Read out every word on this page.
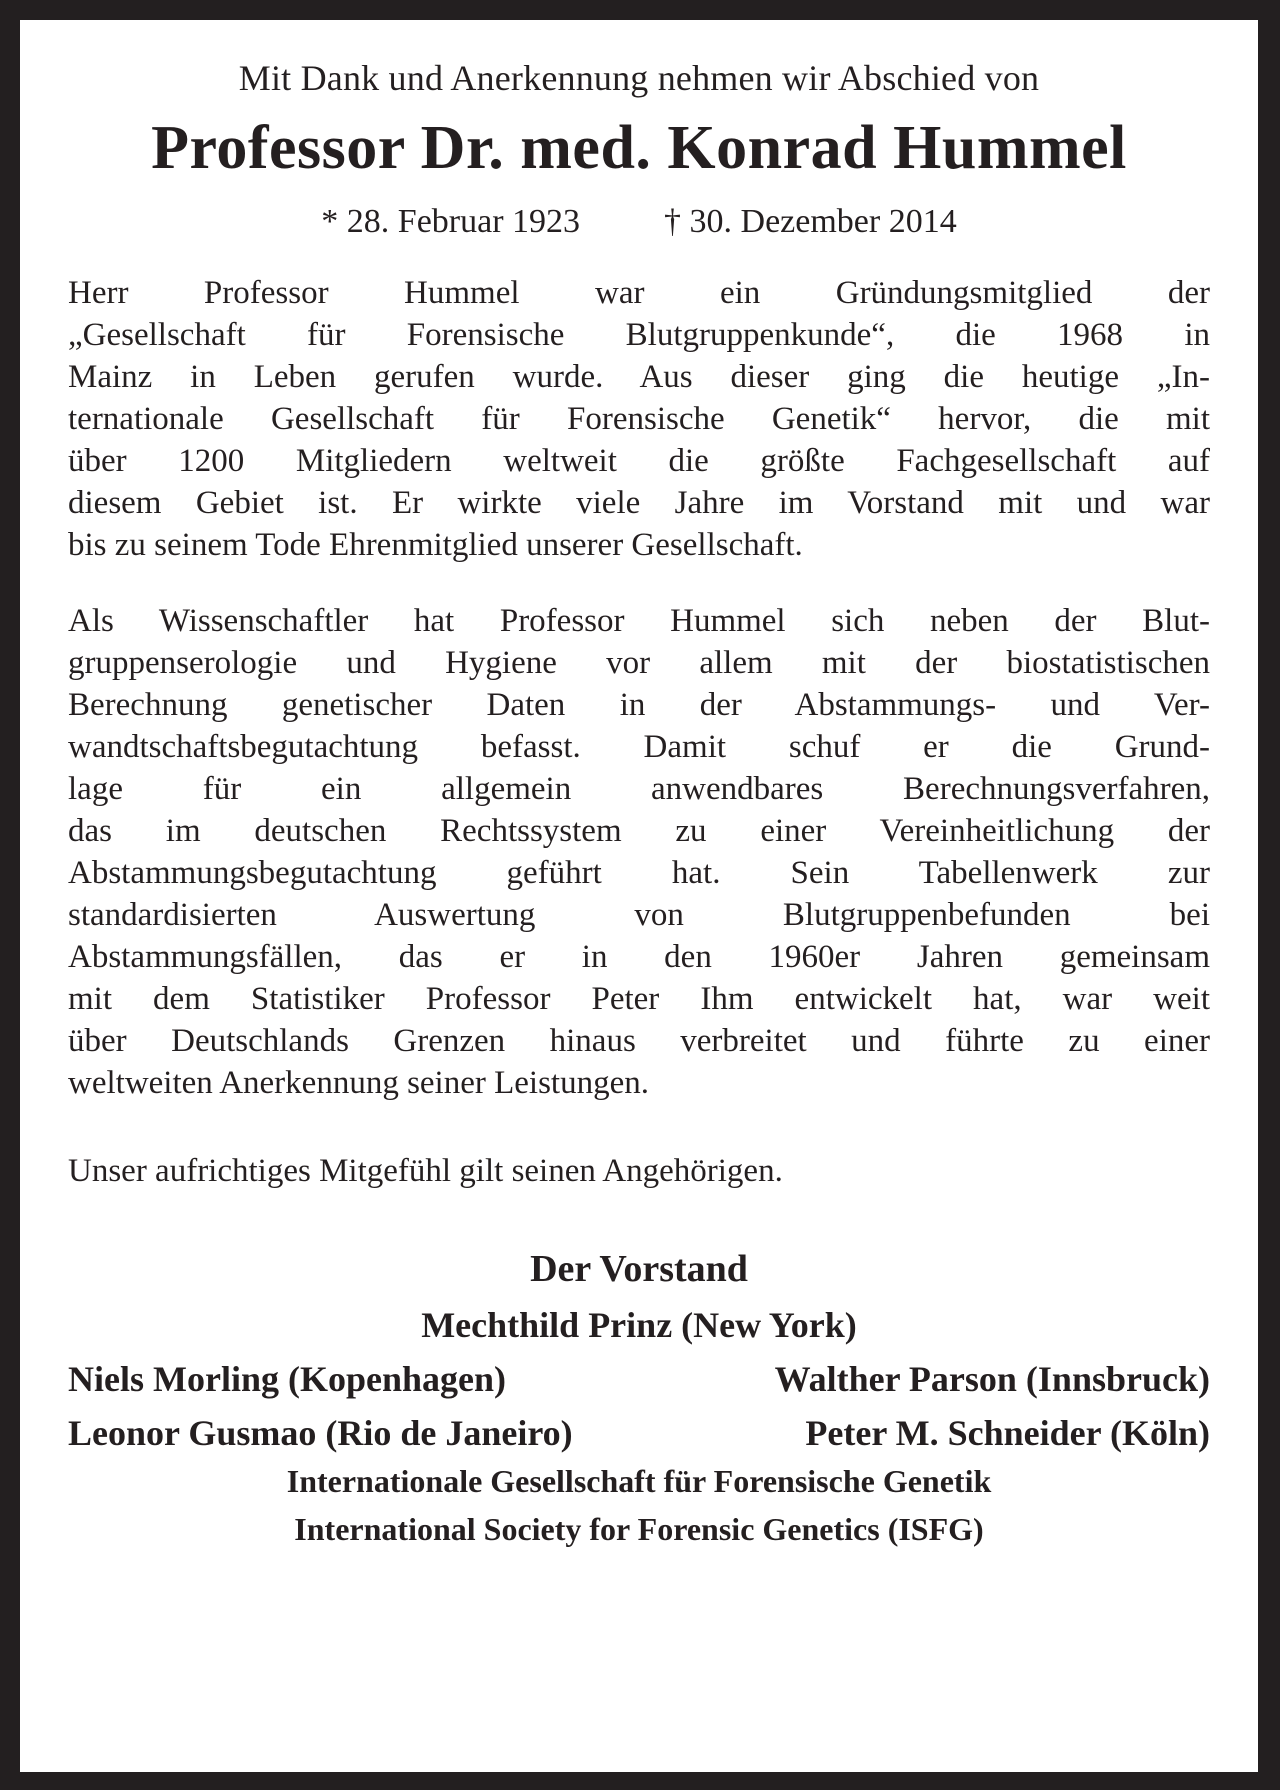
Mit Dank und Anerkennung nehmen wir Abschied von
Professor Dr. med. Konrad Hummel
* 28. Februar 1923 † 30. Dezember 2014
Herr Professor Hummel war ein Gründungsmitglied der
„Gesellschaft für Forensische Blutgruppenkunde“, die 1968 in
Mainz in Leben gerufen wurde. Aus dieser ging die heutige „In-
ternationale Gesellschaft für Forensische Genetik“ hervor, die mit
über 1200 Mitgliedern weltweit die größte Fachgesellschaft auf
diesem Gebiet ist. Er wirkte viele Jahre im Vorstand mit und war
bis zu seinem Tode Ehrenmitglied unserer Gesellschaft.
Als Wissenschaftler hat Professor Hummel sich neben der Blut-
gruppenserologie und Hygiene vor allem mit der biostatistischen
Berechnung genetischer Daten in der Abstammungs- und Ver-
wandtschaftsbegutachtung befasst. Damit schuf er die Grund-
lage für ein allgemein anwendbares Berechnungsverfahren,
das im deutschen Rechtssystem zu einer Vereinheitlichung der
Abstammungsbegutachtung geführt hat. Sein Tabellenwerk zur
standardisierten Auswertung von Blutgruppenbefunden bei
Abstammungsfällen, das er in den 1960er Jahren gemeinsam
mit dem Statistiker Professor Peter Ihm entwickelt hat, war weit
über Deutschlands Grenzen hinaus verbreitet und führte zu einer
weltweiten Anerkennung seiner Leistungen.
Unser aufrichtiges Mitgefühl gilt seinen Angehörigen.
Der Vorstand
Mechthild Prinz (New York)
Niels Morling (Kopenhagen)	Walther Parson (Innsbruck)
Leonor Gusmao (Rio de Janeiro)	Peter M. Schneider (Köln)
Internationale Gesellschaft für Forensische Genetik
International Society for Forensic Genetics (ISFG)
